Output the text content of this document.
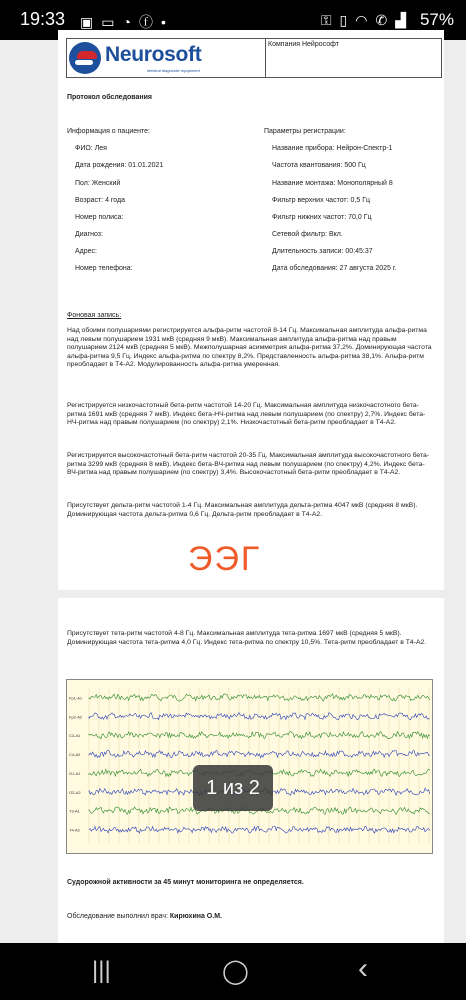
19:33 ▣ ▭ ◔ ⓕ •	⚿ ▯ ◠ ✆ ▟ 57%
Neurosoft
Medical diagnostic equipment
Компания Нейрософт
Протокол обследования
Информация о пациенте:
ФИО: Лея
Дата рождения: 01.01.2021
Пол: Женский
Возраст: 4 года
Номер полиса:
Диагноз:
Адрес:
Номер телефона:
Параметры регистрации:
Название прибора: Нейрон-Спектр-1
Частота квантования: 500 Гц
Название монтажа: Монополярный 8
Фильтр верхних частот: 0,5 Гц
Фильтр нижних частот: 70,0 Гц
Сетевой фильтр: Вкл.
Длительность записи: 00:45:37
Дата обследования: 27 августа 2025 г.
Фоновая запись:
Над обоими полушариями регистрируется альфа-ритм частотой 8-14 Гц. Максимальная амплитуда альфа-ритма над левым полушарием 1931 мкВ (средняя 9 мкВ). Максимальная амплитуда альфа-ритма над правым полушарием 2124 мкВ (средняя 5 мкВ). Межполушарная асимметрия альфа-ритма 37,2%. Доминирующая частота альфа-ритма 9,5 Гц. Индекс альфа-ритма по спектру 8,2%. Представленность альфа-ритма 38,1%. Альфа-ритм преобладает в Т4-А2. Модулированность альфа-ритма умеренная.
Регистрируется низкочастотный бета-ритм частотой 14-20 Гц. Максимальная амплитуда низкочастотного бета-ритма 1691 мкВ (средняя 7 мкВ). Индекс бета-НЧ-ритма над левым полушарием (по спектру) 2,7%. Индекс бета-НЧ-ритма над правым полушарием (по спектру) 2,1%. Низкочастотный бета-ритм преобладает в Т4-А2.
Регистрируется высокочастотный бета-ритм частотой 20-35 Гц. Максимальная амплитуда высокочастотного бета-ритма 3299 мкВ (средняя 8 мкВ). Индекс бета-ВЧ-ритма над левым полушарием (по спектру) 4,2%. Индекс бета-ВЧ-ритма над правым полушарием (по спектру) 3,4%. Высокочастотный бета-ритм преобладает в Т4-А2.
Присутствует дельта-ритм частотой 1-4 Гц. Максимальная амплитуда дельта-ритма 4047 мкВ (средняя 8 мкВ). Доминирующая частота дельта-ритма 0,6 Гц. Дельта-ритм преобладает в Т4-А2.
ЭЭГ
Присутствует тета-ритм частотой 4-8 Гц. Максимальная амплитуда тета-ритма 1697 мкВ (средняя 5 мкВ). Доминирующая частота тета-ритма 4,0 Гц. Индекс тета-ритма по спектру 10,5%. Тета-ритм преобладает в Т4-А2.
Fp1-A1
Fp2-A2
C3-A1
C4-A2
O1-A1
O2-A2
T3-A1
T4-A2
Судорожной активности за 45 минут мониторинга не определяется.
Обследование выполнил врач: Кирюхина О.М.
1 из 2
|||	◯	‹
